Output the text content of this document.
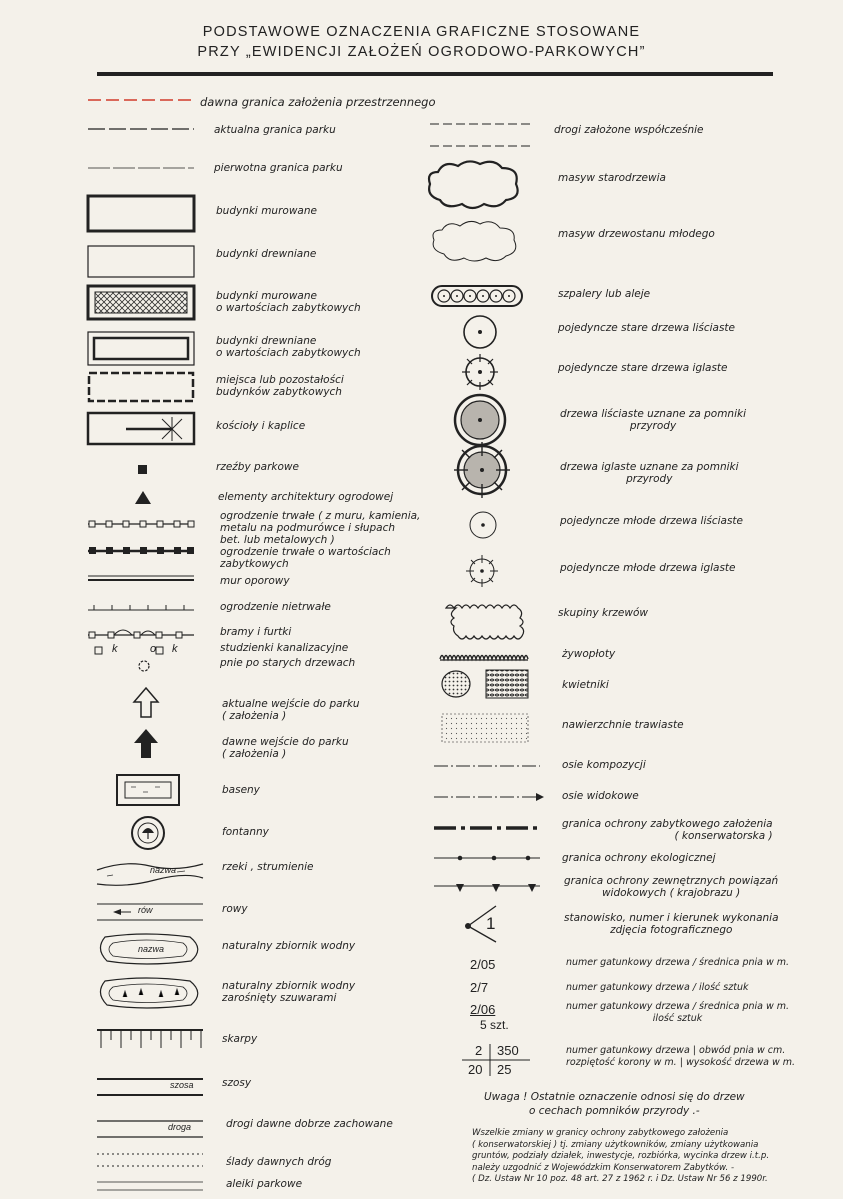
PODSTAWOWE OZNACZENIA GRAFICZNE STOSOWANE
PRZY „EWIDENCJI ZAŁOŻEŃ OGRODOWO-PARKOWYCH”
k	k
o
nazwa
rów
nazwa
szosa
droga
dawna granica założenia przestrzennego
aktualna granica parku
pierwotna granica parku
budynki murowane
budynki drewniane
budynki murowane
o wartościach zabytkowych
budynki drewniane
o wartościach zabytkowych
miejsca lub pozostałości
budynków zabytkowych
kościoły i kaplice
rzeźby parkowe
elementy architektury ogrodowej
ogrodzenie trwałe ( z muru, kamienia,
metalu na podmurówce i słupach
bet. lub metalowych )
ogrodzenie trwałe o wartościach
zabytkowych
mur oporowy
ogrodzenie nietrwałe
bramy i furtki
studzienki kanalizacyjne
pnie po starych drzewach
aktualne wejście do parku
( założenia )
dawne wejście do parku
( założenia )
baseny
fontanny
rzeki , strumienie
rowy
naturalny zbiornik wodny
naturalny zbiornik wodny
zarośnięty szuwarami
skarpy
szosy
drogi dawne dobrze zachowane
ślady dawnych dróg
aleiki parkowe
1
2/05
2/7
2/06
5 szt.
2 350
20 25
drogi założone współcześnie
masyw starodrzewia
masyw drzewostanu młodego
szpalery lub aleje
pojedyncze stare drzewa liściaste
pojedyncze stare drzewa iglaste
drzewa liściaste uznane za pomniki
przyrody
drzewa iglaste uznane za pomniki
przyrody
pojedyncze młode drzewa liściaste
pojedyncze młode drzewa iglaste
skupiny krzewów
żywopłoty
kwietniki
nawierzchnie trawiaste
osie kompozycji
osie widokowe
granica ochrony zabytkowego założenia
( konserwatorska )
granica ochrony ekologicznej
granica ochrony zewnętrznych powiązań
widokowych ( krajobrazu )
stanowisko, numer i kierunek wykonania
zdjęcia fotograficznego
numer gatunkowy drzewa / średnica pnia w m.
numer gatunkowy drzewa / ilość sztuk
numer gatunkowy drzewa / średnica pnia w m.
ilość sztuk
numer gatunkowy drzewa | obwód pnia w cm.
rozpiętość korony w m. | wysokość drzewa w m.
Uwaga ! Ostatnie oznaczenie odnosi się do drzew
o cechach pomników przyrody .-
Wszelkie zmiany w granicy ochrony zabytkowego założenia
( konserwatorskiej ) tj. zmiany użytkowników, zmiany użytkowania
gruntów, podziały działek, inwestycje, rozbiórka, wycinka drzew i.t.p.
należy uzgodnić z Wojewódzkim Konserwatorem Zabytków. -
( Dz. Ustaw Nr 10 poz. 48 art. 27 z 1962 r. i Dz. Ustaw Nr 56 z 1990r.
